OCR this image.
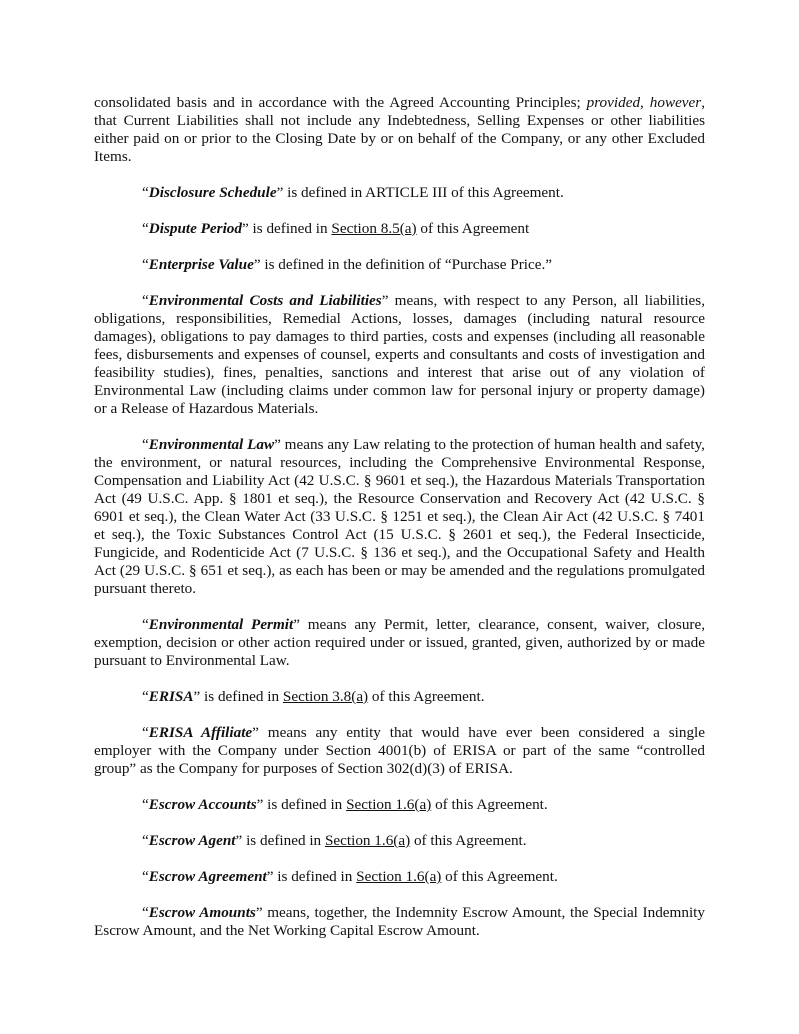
consolidated basis and in accordance with the Agreed Accounting Principles; provided, however, that Current Liabilities shall not include any Indebtedness, Selling Expenses or other liabilities either paid on or prior to the Closing Date by or on behalf of the Company, or any other Excluded Items.

“Disclosure Schedule” is defined in ARTICLE III of this Agreement.

“Dispute Period” is defined in Section 8.5(a) of this Agreement

“Enterprise Value” is defined in the definition of “Purchase Price.”

“Environmental Costs and Liabilities” means, with respect to any Person, all liabilities, obligations, responsibilities, Remedial Actions, losses, damages (including natural resource damages), obligations to pay damages to third parties, costs and expenses (including all reasonable fees, disbursements and expenses of counsel, experts and consultants and costs of investigation and feasibility studies), fines, penalties, sanctions and interest that arise out of any violation of Environmental Law (including claims under common law for personal injury or property damage) or a Release of Hazardous Materials.

“Environmental Law” means any Law relating to the protection of human health and safety, the environment, or natural resources, including the Comprehensive Environmental Response, Compensation and Liability Act (42 U.S.C. § 9601 et seq.), the Hazardous Materials Transportation Act (49 U.S.C. App. § 1801 et seq.), the Resource Conservation and Recovery Act (42 U.S.C. § 6901 et seq.), the Clean Water Act (33 U.S.C. § 1251 et seq.), the Clean Air Act (42 U.S.C. § 7401 et seq.), the Toxic Substances Control Act (15 U.S.C. § 2601 et seq.), the Federal Insecticide, Fungicide, and Rodenticide Act (7 U.S.C. § 136 et seq.), and the Occupational Safety and Health Act (29 U.S.C. § 651 et seq.), as each has been or may be amended and the regulations promulgated pursuant thereto.

“Environmental Permit” means any Permit, letter, clearance, consent, waiver, closure, exemption, decision or other action required under or issued, granted, given, authorized by or made pursuant to Environmental Law.

“ERISA” is defined in Section 3.8(a) of this Agreement.

“ERISA Affiliate” means any entity that would have ever been considered a single employer with the Company under Section 4001(b) of ERISA or part of the same “controlled group” as the Company for purposes of Section 302(d)(3) of ERISA.

“Escrow Accounts” is defined in Section 1.6(a) of this Agreement.

“Escrow Agent” is defined in Section 1.6(a) of this Agreement.

“Escrow Agreement” is defined in Section 1.6(a) of this Agreement.

“Escrow Amounts” means, together, the Indemnity Escrow Amount, the Special Indemnity Escrow Amount, and the Net Working Capital Escrow Amount.
